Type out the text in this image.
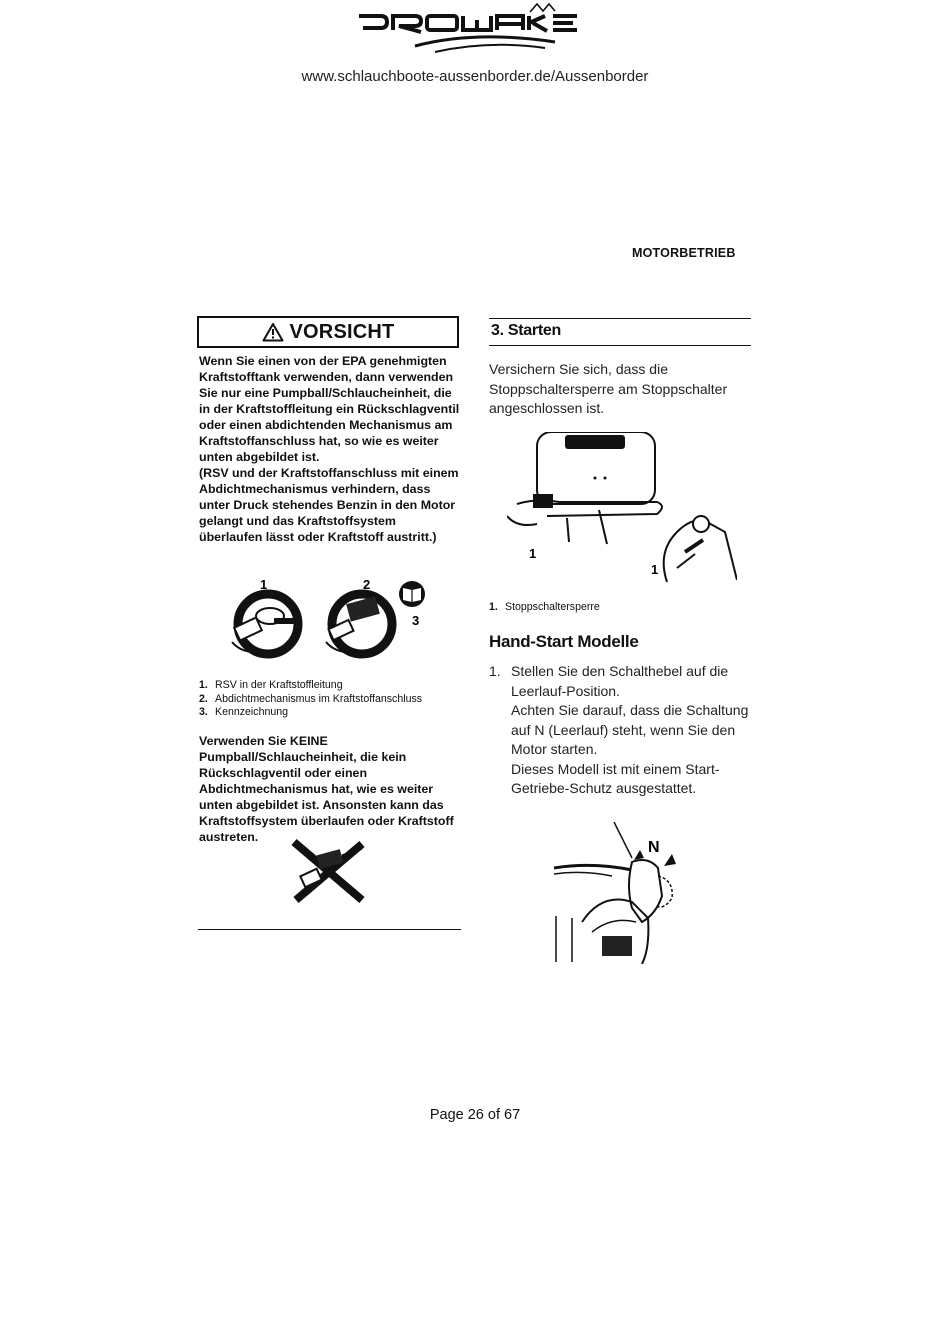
PROWAKE
www.schlauchboote-aussenborder.de/Aussenborder
MOTORBETRIEB
VORSICHT
Wenn Sie einen von der EPA genehmigten Kraftstofftank verwenden, dann verwenden Sie nur eine Pumpball/Schlaucheinheit, die in der Kraftstoffleitung ein Rückschlagventil oder einen abdichtenden Mechanismus am Kraftstoffanschluss hat, so wie es weiter unten abgebildet ist.
(RSV und der Kraftstoffanschluss mit einem Abdichtmechanismus verhindern, dass unter Druck stehendes Benzin in den Motor gelangt und das Kraftstoffsystem überlaufen lässt oder Kraftstoff austritt.)
1	2
3
1. RSV in der Kraftstoffleitung
2. Abdichtmechanismus im Kraftstoffanschluss
3. Kennzeichnung
Verwenden Sie KEINE Pumpball/Schlaucheinheit, die kein Rückschlagventil oder einen Abdichtmechanismus hat, wie es weiter unten abgebildet ist. Ansonsten kann das Kraftstoffsystem überlaufen oder Kraftstoff austreten.
3. Starten
Versichern Sie sich, dass die Stoppschaltersperre am Stoppschalter angeschlossen ist.
1
1
1. Stoppschaltersperre
Hand-Start Modelle
1. Stellen Sie den Schalthebel auf die Leerlauf-Position.
Achten Sie darauf, dass die Schaltung auf N (Leerlauf) steht, wenn Sie den Motor starten.
Dieses Modell ist mit einem Start-Getriebe-Schutz ausgestattet.
N
Page 26 of 67
